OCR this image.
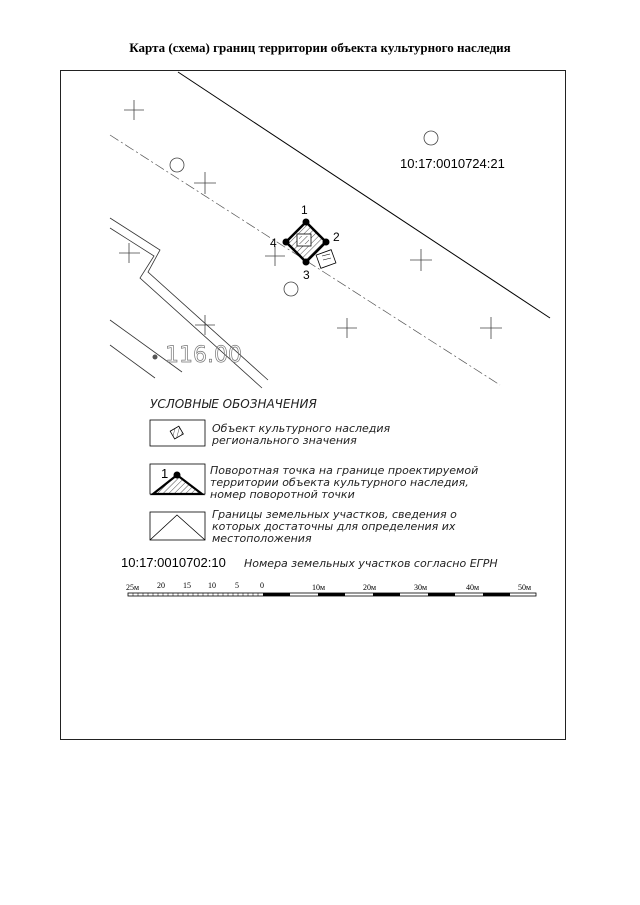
Карта (схема) границ территории объекта культурного наследия
10:17:0010724:21
116.00
1
2
3
4
УСЛОВНЫЕ ОБОЗНАЧЕНИЯ
Объект культурного наследия
регионального значения
1	Поворотная точка на границе проектируемой
территории объекта культурного наследия,
номер поворотной точки
Границы земельных участков, сведения о
которых достаточны для определения их
местоположения
10:17:0010702:10 Номера земельных участков согласно ЕГРН
25м 20 15 10 5	0	10м	20м	30м	40м	50м
